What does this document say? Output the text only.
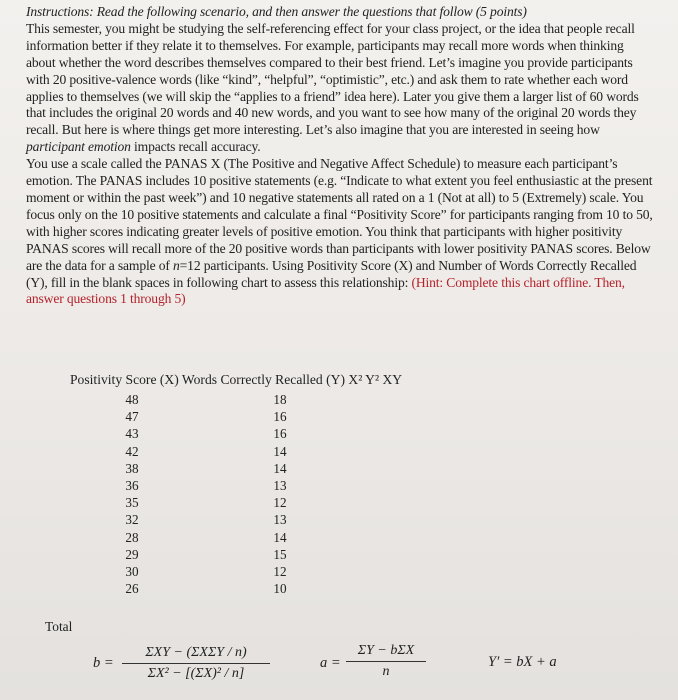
Instructions: Read the following scenario, and then answer the questions that follow (5 points)
This semester, you might be studying the self-referencing effect for your class project, or the idea that people recall information better if they relate it to themselves. For example, participants may recall more words when thinking about whether the word describes themselves compared to their best friend. Let’s imagine you provide participants with 20 positive-valence words (like “kind”, “helpful”, “optimistic”, etc.) and ask them to rate whether each word applies to themselves (we will skip the “applies to a friend” idea here). Later you give them a larger list of 60 words that includes the original 20 words and 40 new words, and you want to see how many of the original 20 words they recall. But here is where things get more interesting. Let’s also imagine that you are interested in seeing how participant emotion impacts recall accuracy.

You use a scale called the PANAS X (The Positive and Negative Affect Schedule) to measure each participant’s emotion. The PANAS includes 10 positive statements (e.g. “Indicate to what extent you feel enthusiastic at the present moment or within the past week”) and 10 negative statements all rated on a 1 (Not at all) to 5 (Extremely) scale. You focus only on the 10 positive statements and calculate a final “Positivity Score” for participants ranging from 10 to 50, with higher scores indicating greater levels of positive emotion. You think that participants with higher positivity PANAS scores will recall more of the 20 positive words than participants with lower positivity PANAS scores. Below are the data for a sample of n=12 participants. Using Positivity Score (X) and Number of Words Correctly Recalled (Y), fill in the blank spaces in following chart to assess this relationship: (Hint: Complete this chart offline. Then, answer questions 1 through 5)

Positivity Score (X) Words Correctly Recalled (Y) X² Y² XY
48
47
43
42
38
36
35
32
28
29
30
26
18
16
16
14
14
13
12
13
14
15
12
10
Total
b =
ΣXY − (ΣXΣY / n)
ΣX² − [(ΣX)² / n]
a =
ΣY − bΣX
n
Y′ = bX + a
